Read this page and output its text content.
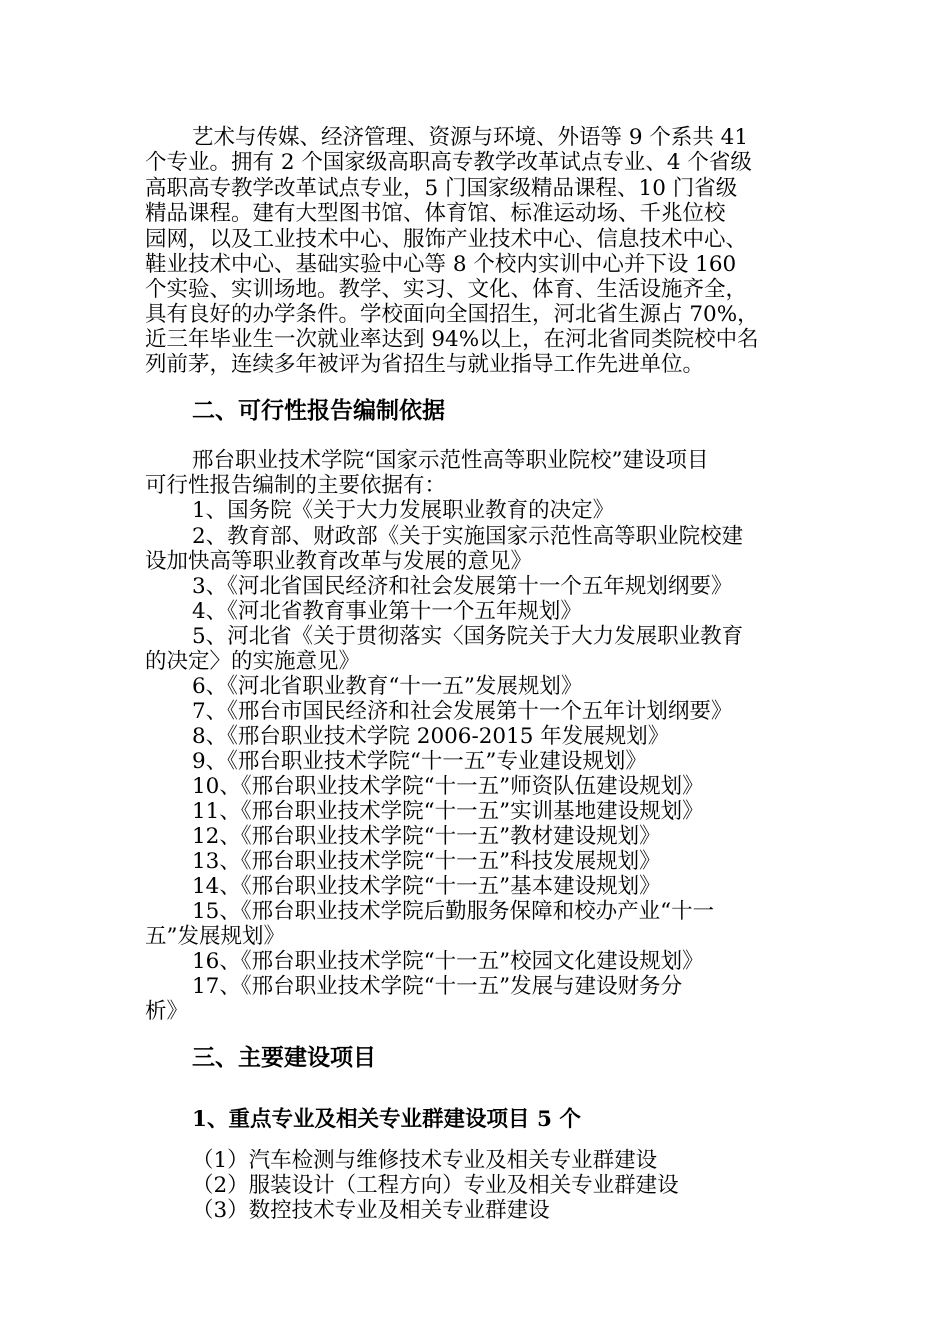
艺术与传媒、经济管理、资源与环境、外语等 9 个系共 41
个专业。拥有 2 个国家级高职高专教学改革试点专业、4 个省级
高职高专教学改革试点专业，5 门国家级精品课程、10 门省级
精品课程。建有大型图书馆、体育馆、标准运动场、千兆位校
园网，以及工业技术中心、服饰产业技术中心、信息技术中心、
鞋业技术中心、基础实验中心等 8 个校内实训中心并下设 160
个实验、实训场地。教学、实习、文化、体育、生活设施齐全，
具有良好的办学条件。学校面向全国招生，河北省生源占 70%，
近三年毕业生一次就业率达到 94%以上，在河北省同类院校中名
列前茅，连续多年被评为省招生与就业指导工作先进单位。
二、可行性报告编制依据
邢台职业技术学院“国家示范性高等职业院校”建设项目
可行性报告编制的主要依据有：
1、国务院《关于大力发展职业教育的决定》
2、教育部、财政部《关于实施国家示范性高等职业院校建
设加快高等职业教育改革与发展的意见》
3、《河北省国民经济和社会发展第十一个五年规划纲要》
4、《河北省教育事业第十一个五年规划》
5、河北省《关于贯彻落实〈国务院关于大力发展职业教育
的决定〉的实施意见》
6、《河北省职业教育“十一五”发展规划》
7、《邢台市国民经济和社会发展第十一个五年计划纲要》
8、《邢台职业技术学院 2006-2015 年发展规划》
9、《邢台职业技术学院“十一五”专业建设规划》
10、《邢台职业技术学院“十一五”师资队伍建设规划》
11、《邢台职业技术学院“十一五”实训基地建设规划》
12、《邢台职业技术学院“十一五”教材建设规划》
13、《邢台职业技术学院“十一五”科技发展规划》
14、《邢台职业技术学院“十一五”基本建设规划》
15、《邢台职业技术学院后勤服务保障和校办产业“十一
五”发展规划》
16、《邢台职业技术学院“十一五”校园文化建设规划》
17、《邢台职业技术学院“十一五”发展与建设财务分
析》
三、主要建设项目
1、重点专业及相关专业群建设项目 5 个
（1）汽车检测与维修技术专业及相关专业群建设
（2）服装设计（工程方向）专业及相关专业群建设
（3）数控技术专业及相关专业群建设
